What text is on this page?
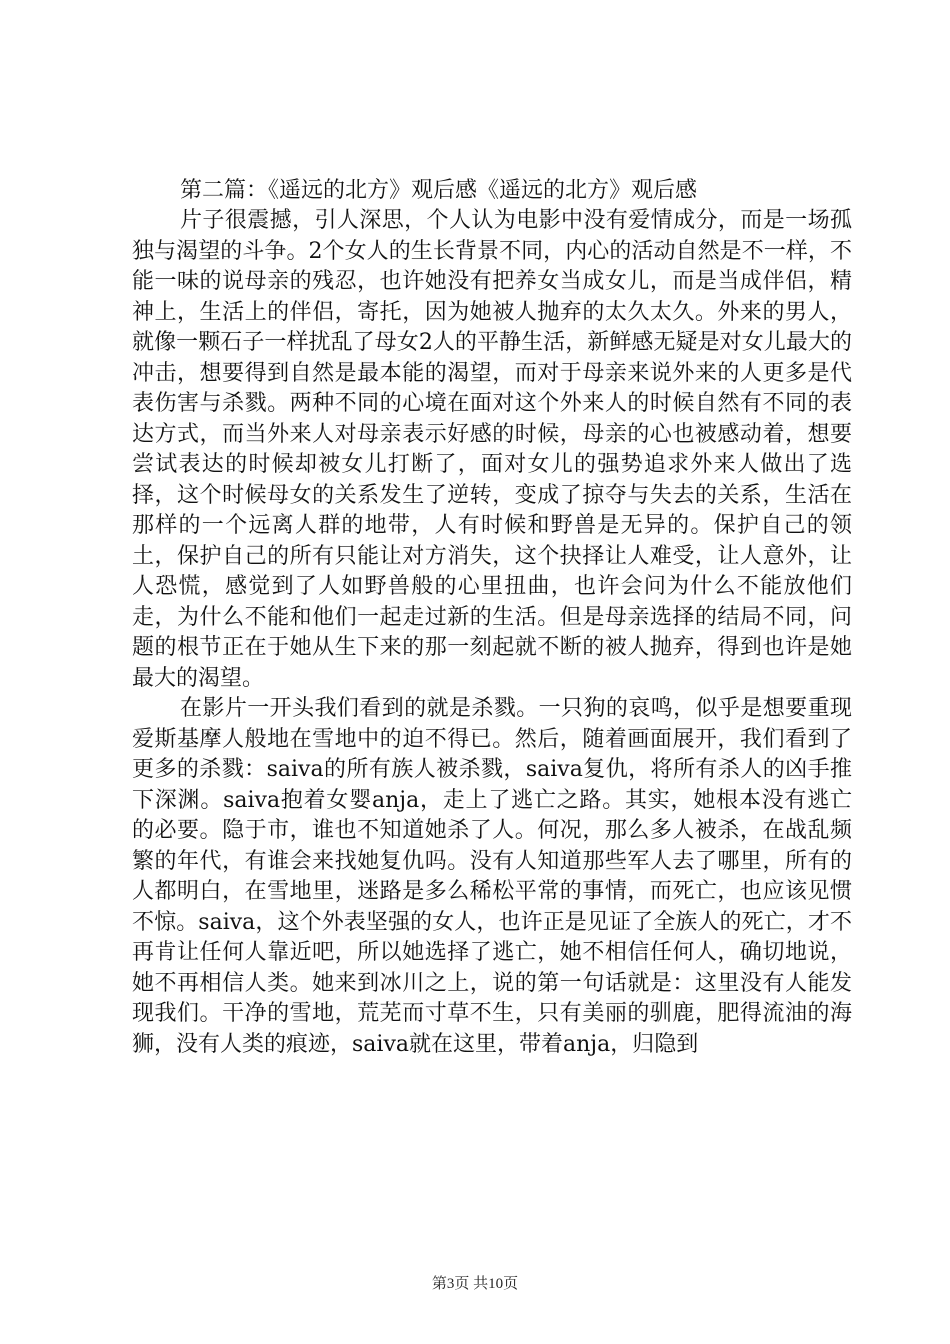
第二篇：《遥远的北方》观后感《遥远的北方》观后感

片子很震撼，引人深思，个人认为电影中没有爱情成分，而是一场孤独与渴望的斗争。2个女人的生长背景不同，内心的活动自然是不一样，不能一味的说母亲的残忍，也许她没有把养女当成女儿，而是当成伴侣，精神上，生活上的伴侣，寄托，因为她被人抛弃的太久太久。外来的男人，就像一颗石子一样扰乱了母女2人的平静生活，新鲜感无疑是对女儿最大的冲击，想要得到自然是最本能的渴望，而对于母亲来说外来的人更多是代表伤害与杀戮。两种不同的心境在面对这个外来人的时候自然有不同的表达方式，而当外来人对母亲表示好感的时候，母亲的心也被感动着，想要尝试表达的时候却被女儿打断了，面对女儿的强势追求外来人做出了选择，这个时候母女的关系发生了逆转，变成了掠夺与失去的关系，生活在那样的一个远离人群的地带，人有时候和野兽是无异的。保护自己的领土，保护自己的所有只能让对方消失，这个抉择让人难受，让人意外，让人恐慌，感觉到了人如野兽般的心里扭曲，也许会问为什么不能放他们走，为什么不能和他们一起走过新的生活。但是母亲选择的结局不同，问题的根节正在于她从生下来的那一刻起就不断的被人抛弃，得到也许是她最大的渴望。

在影片一开头我们看到的就是杀戮。一只狗的哀鸣，似乎是想要重现爱斯基摩人般地在雪地中的迫不得已。然后，随着画面展开，我们看到了更多的杀戮：saiva的所有族人被杀戮，saiva复仇，将所有杀人的凶手推下深渊。saiva抱着女婴anja，走上了逃亡之路。其实，她根本没有逃亡的必要。隐于市，谁也不知道她杀了人。何况，那么多人被杀，在战乱频繁的年代，有谁会来找她复仇吗。没有人知道那些军人去了哪里，所有的人都明白，在雪地里，迷路是多么稀松平常的事情，而死亡，也应该见惯不惊。saiva，这个外表坚强的女人，也许正是见证了全族人的死亡，才不再肯让任何人靠近吧，所以她选择了逃亡，她不相信任何人，确切地说，她不再相信人类。她来到冰川之上，说的第一句话就是：这里没有人能发现我们。干净的雪地，荒芜而寸草不生，只有美丽的驯鹿，肥得流油的海狮，没有人类的痕迹，saiva就在这里，带着anja，归隐到

第3页 共10页
